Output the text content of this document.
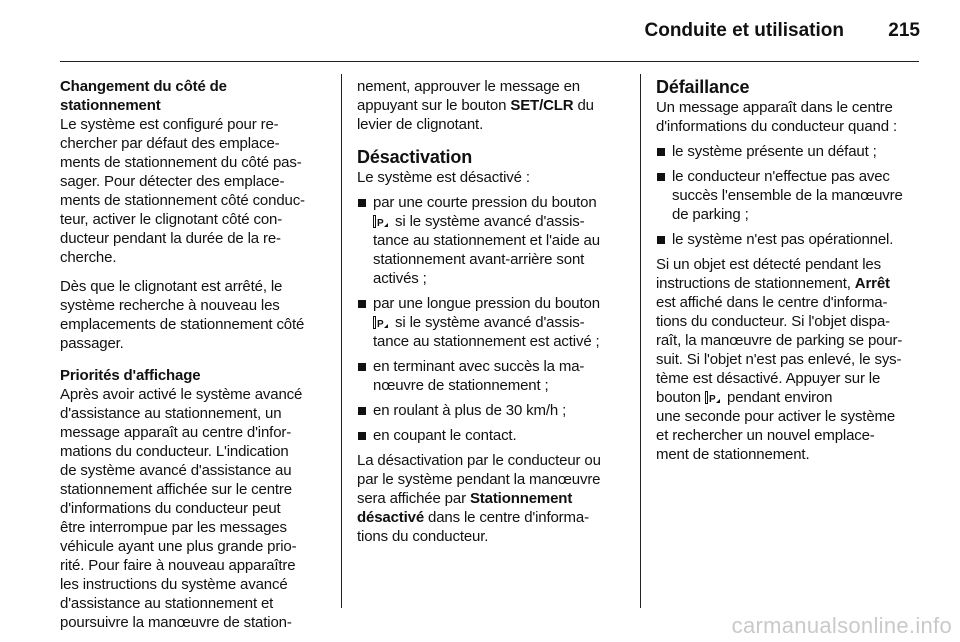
Conduite et utilisation	215
Changement du côté de
stationnement
Le système est configuré pour re-
chercher par défaut des emplace-
ments de stationnement du côté pas-
sager. Pour détecter des emplace-
ments de stationnement côté conduc-
teur, activer le clignotant côté con-
ducteur pendant la durée de la re-
cherche.
Dès que le clignotant est arrêté, le
système recherche à nouveau les
emplacements de stationnement côté
passager.
Priorités d'affichage
Après avoir activé le système avancé
d'assistance au stationnement, un
message apparaît au centre d'infor-
mations du conducteur. L'indication
de système avancé d'assistance au
stationnement affichée sur le centre
d'informations du conducteur peut
être interrompue par les messages
véhicule ayant une plus grande prio-
rité. Pour faire à nouveau apparaître
les instructions du système avancé
d'assistance au stationnement et
poursuivre la manœuvre de station-
nement, approuver le message en
appuyant sur le bouton SET/CLR du
levier de clignotant.
Désactivation
Le système est désactivé :
par une courte pression du bouton
P si le système avancé d'assis-
tance au stationnement et l'aide au
stationnement avant-arrière sont
activés ;
par une longue pression du bouton
P si le système avancé d'assis-
tance au stationnement est activé ;
en terminant avec succès la ma-
nœuvre de stationnement ;
en roulant à plus de 30 km/h ;
en coupant le contact.
La désactivation par le conducteur ou
par le système pendant la manœuvre
sera affichée par Stationnement
désactivé dans le centre d'informa-
tions du conducteur.
Défaillance
Un message apparaît dans le centre
d'informations du conducteur quand :
le système présente un défaut ;
le conducteur n'effectue pas avec
succès l'ensemble de la manœuvre
de parking ;
le système n'est pas opérationnel.
Si un objet est détecté pendant les
instructions de stationnement, Arrêt
est affiché dans le centre d'informa-
tions du conducteur. Si l'objet dispa-
raît, la manœuvre de parking se pour-
suit. Si l'objet n'est pas enlevé, le sys-
tème est désactivé. Appuyer sur le
bouton P pendant environ
une seconde pour activer le système
et rechercher un nouvel emplace-
ment de stationnement.
carmanualsonline.info
